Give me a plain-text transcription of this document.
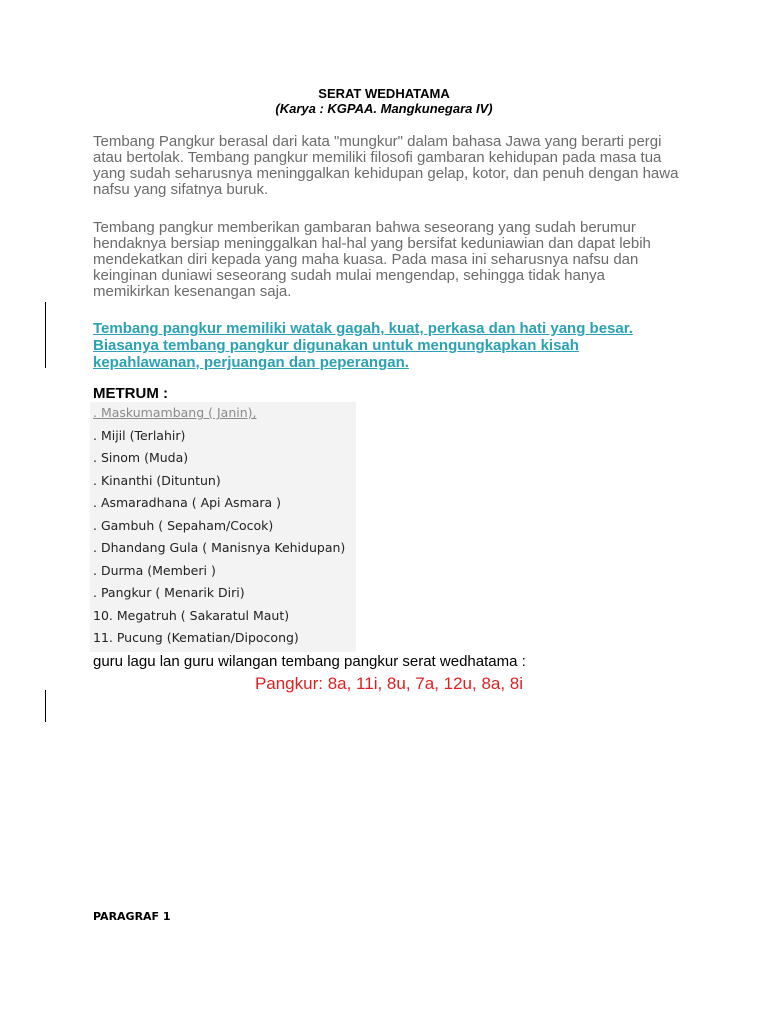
SERAT WEDHATAMA
(Karya : KGPAA. Mangkunegara IV)

Tembang Pangkur berasal dari kata "mungkur" dalam bahasa Jawa yang berarti pergi atau bertolak. Tembang pangkur memiliki filosofi gambaran kehidupan pada masa tua yang sudah seharusnya meninggalkan kehidupan gelap, kotor, dan penuh dengan hawa nafsu yang sifatnya buruk.

Tembang pangkur memberikan gambaran bahwa seseorang yang sudah berumur hendaknya bersiap meninggalkan hal-hal yang bersifat keduniawian dan dapat lebih mendekatkan diri kepada yang maha kuasa. Pada masa ini seharusnya nafsu dan keinginan duniawi seseorang sudah mulai mengendap, sehingga tidak hanya memikirkan kesenangan saja.

Tembang pangkur memiliki watak gagah, kuat, perkasa dan hati yang besar. Biasanya tembang pangkur digunakan untuk mengungkapkan kisah kepahlawanan, perjuangan dan peperangan.

METRUM :
. Maskumambang ( Janin),
. Mijil (Terlahir)
. Sinom (Muda)
. Kinanthi (Dituntun)
. Asmaradhana ( Api Asmara )
. Gambuh ( Sepaham/Cocok)
. Dhandang Gula ( Manisnya Kehidupan)
. Durma (Memberi )
. Pangkur ( Menarik Diri)
10. Megatruh ( Sakaratul Maut)
11. Pucung (Kematian/Dipocong)
guru lagu lan guru wilangan tembang pangkur serat wedhatama :
Pangkur: 8a, 11i, 8u, 7a, 12u, 8a, 8i
PARAGRAF 1
